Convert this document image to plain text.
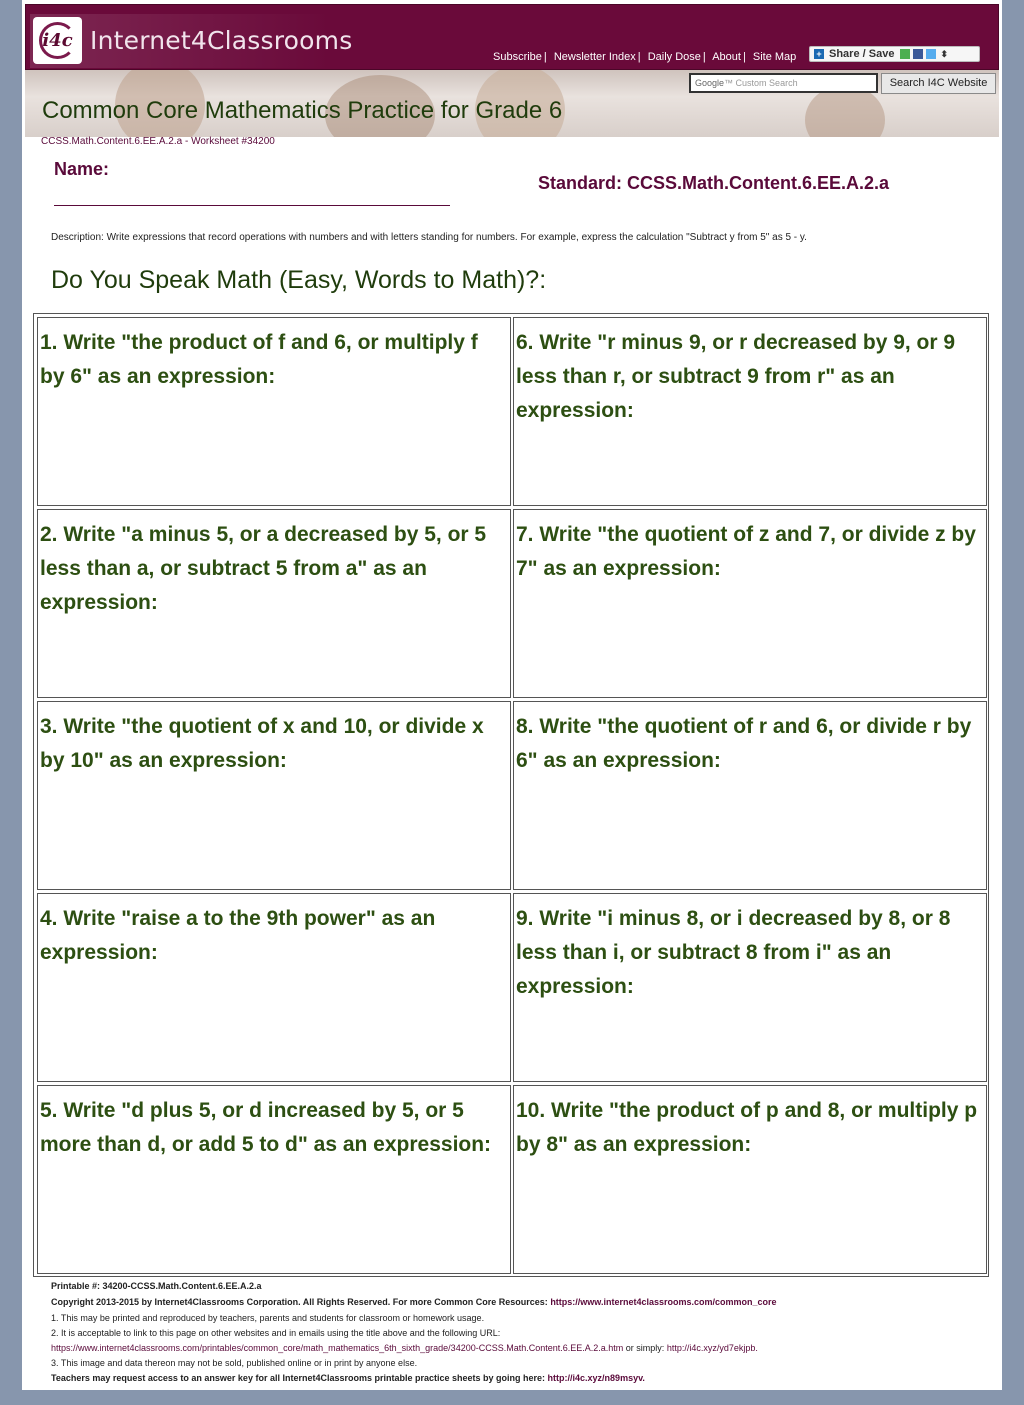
i4c Internet4Classrooms
Subscribe | Newsletter Index | Daily Dose | About | Site Map + Share / Save	⬍
Google™ Custom Search	Search I4C Website
Common Core Mathematics Practice for Grade 6
CCSS.Math.Content.6.EE.A.2.a - Worksheet #34200
Name:
Standard: CCSS.Math.Content.6.EE.A.2.a
Description: Write expressions that record operations with numbers and with letters standing for numbers. For example, express the calculation "Subtract y from 5" as 5 - y.
Do You Speak Math (Easy, Words to Math)?:
1. Write "the product of f and 6, or multiply f by 6" as an expression:
2. Write "a minus 5, or a decreased by 5, or 5 less than a, or subtract 5 from a" as an expression:
3. Write "the quotient of x and 10, or divide x by 10" as an expression:
4. Write "raise a to the 9th power" as an expression:
5. Write "d plus 5, or d increased by 5, or 5 more than d, or add 5 to d" as an expression:
6. Write "r minus 9, or r decreased by 9, or 9 less than r, or subtract 9 from r" as an expression:
7. Write "the quotient of z and 7, or divide z by 7" as an expression:
8. Write "the quotient of r and 6, or divide r by 6" as an expression:
9. Write "i minus 8, or i decreased by 8, or 8 less than i, or subtract 8 from i" as an expression:
10. Write "the product of p and 8, or multiply p by 8" as an expression:
Printable #: 34200-CCSS.Math.Content.6.EE.A.2.a
Copyright 2013-2015 by Internet4Classrooms Corporation. All Rights Reserved. For more Common Core Resources: https://www.internet4classrooms.com/common_core
1. This may be printed and reproduced by teachers, parents and students for classroom or homework usage.
2. It is acceptable to link to this page on other websites and in emails using the title above and the following URL:
https://www.internet4classrooms.com/printables/common_core/math_mathematics_6th_sixth_grade/34200-CCSS.Math.Content.6.EE.A.2.a.htm or simply: http://i4c.xyz/yd7ekjpb.
3. This image and data thereon may not be sold, published online or in print by anyone else.
Teachers may request access to an answer key for all Internet4Classrooms printable practice sheets by going here: http://i4c.xyz/n89msyv.
